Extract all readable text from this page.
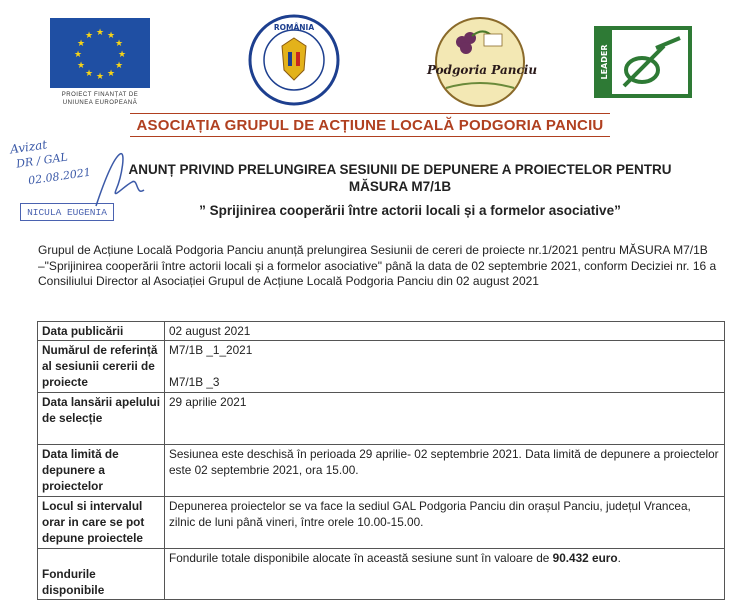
★ ★
★
★
★
★
★
★
★
★
★
★
PROIECT FINANȚAT DE
UNIUNEA EUROPEANĂ
ROMÂNIA
Podgoria Panciu	LEADER
ASOCIAȚIA GRUPUL DE ACȚIUNE LOCALĂ PODGORIA PANCIU
Avizat
DR / GAL
02.08.2021
NICULA EUGENIA
ANUNȚ PRIVIND PRELUNGIREA SESIUNII DE DEPUNERE A PROIECTELOR PENTRU
MĂSURA M7/1B
” Sprijinirea cooperării între actorii locali și a formelor asociative”
Grupul de Acțiune Locală Podgoria Panciu anunță prelungirea Sesiunii de cereri de proiecte nr.1/2021 pentru MĂSURA M7/1B –"Sprijinirea cooperării între actorii locali și a formelor asociative" până la data de 02 septembrie 2021, conform Deciziei nr. 16 a Consiliului Director al Asociației Grupul de Acțiune Locală Podgoria Panciu din 02 august 2021
Data publicării	02 august 2021
Numărul de referință al sesiunii cererii de proiecte	M7/1B _1_2021
M7/1B _3

Data lansării apelului de selecție	29 aprilie 2021
Data limită de depunere a proiectelor	Sesiunea este deschisă în perioada 29 aprilie- 02 septembrie 2021. Data limită de depunere a proiectelor este 02 septembrie 2021, ora 15.00.
Locul si intervalul orar in care se pot depune proiectele	Depunerea proiectelor se va face la sediul GAL Podgoria Panciu din orașul Panciu, județul Vrancea, zilnic de luni până vineri, între orele 10.00-15.00.
Fondurile disponibile	Fondurile totale disponibile alocate în această sesiune sunt în valoare de 90.432 euro.
